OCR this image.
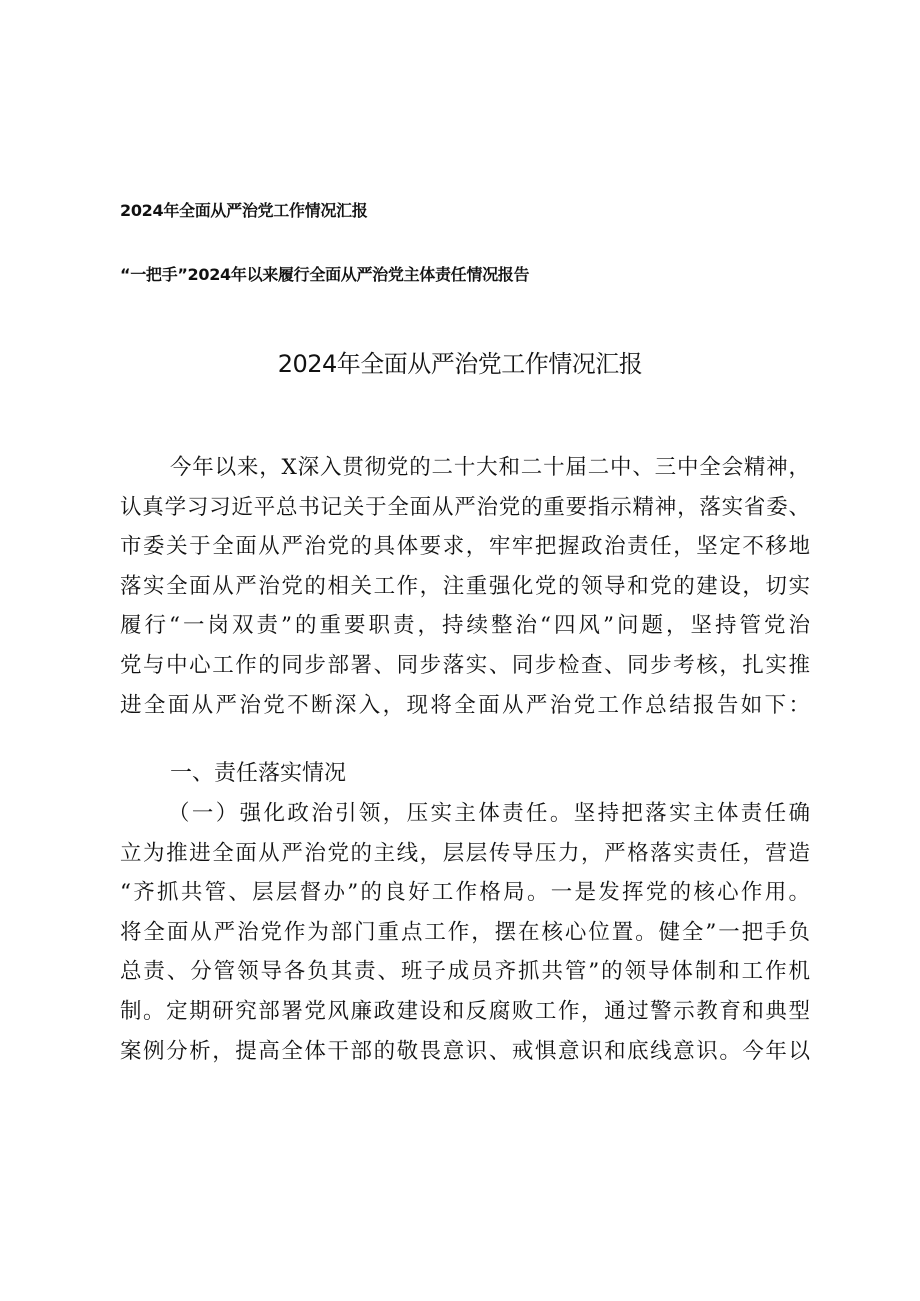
2024年全面从严治党工作情况汇报
“一把手”2024年以来履行全面从严治党主体责任情况报告
2024年全面从严治党工作情况汇报
今年以来，X深入贯彻党的二十大和二十届二中、三中全会精神，
认真学习习近平总书记关于全面从严治党的重要指示精神，落实省委、
市委关于全面从严治党的具体要求，牢牢把握政治责任，坚定不移地
落实全面从严治党的相关工作，注重强化党的领导和党的建设，切实
履行“一岗双责”的重要职责，持续整治“四风”问题，坚持管党治
党与中心工作的同步部署、同步落实、同步检查、同步考核，扎实推
进全面从严治党不断深入，现将全面从严治党工作总结报告如下：
一、责任落实情况
（一）强化政治引领，压实主体责任。坚持把落实主体责任确
立为推进全面从严治党的主线，层层传导压力，严格落实责任，营造
“齐抓共管、层层督办”的良好工作格局。一是发挥党的核心作用。
将全面从严治党作为部门重点工作，摆在核心位置。健全”一把手负
总责、分管领导各负其责、班子成员齐抓共管”的领导体制和工作机
制。定期研究部署党风廉政建设和反腐败工作，通过警示教育和典型
案例分析，提高全体干部的敬畏意识、戒惧意识和底线意识。今年以
